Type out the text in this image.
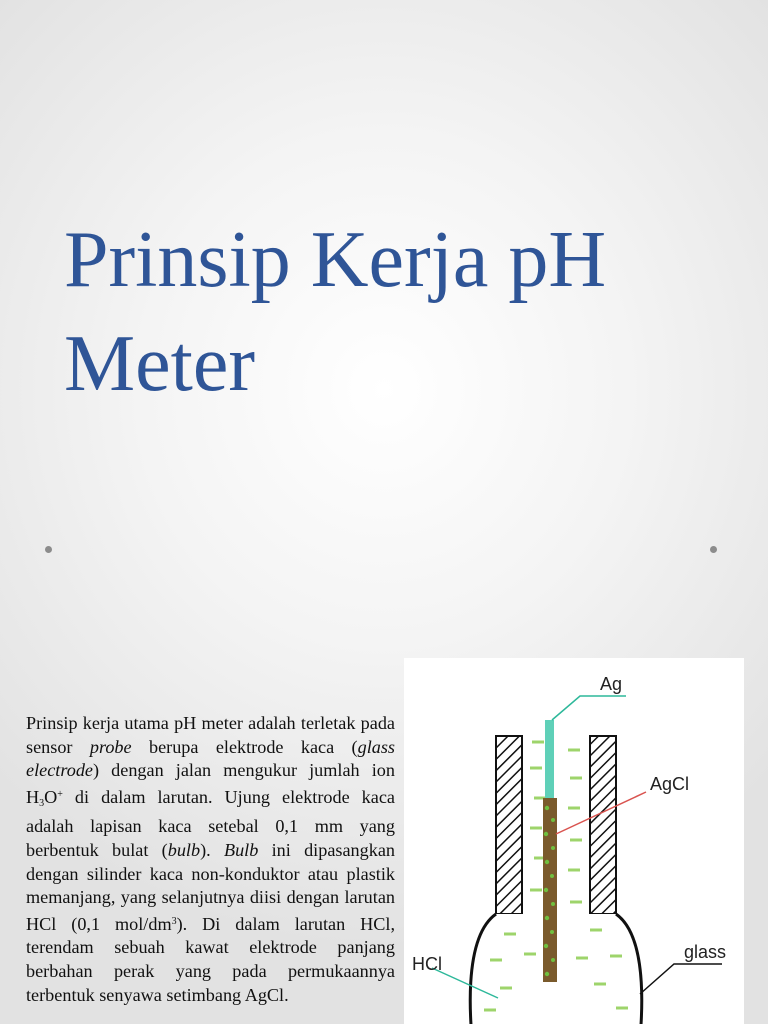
Prinsip Kerja pH Meter
Prinsip kerja utama pH meter adalah terletak pada sensor probe berupa elektrode kaca (glass electrode) dengan jalan mengukur jumlah ion $H_3O^+$ di dalam larutan. Ujung elektrode kaca adalah lapisan kaca setebal 0,1 mm yang berbentuk bulat (bulb). Bulb ini dipasangkan dengan silinder kaca non-konduktor atau plastik memanjang, yang selanjutnya diisi dengan larutan HCl (0,1 mol/$dm^3$). Di dalam larutan HCl, terendam sebuah kawat elektrode panjang berbahan perak yang pada permukaannya terbentuk senyawa setimbang AgCl.
Ag
AgCl
HCl
glass
